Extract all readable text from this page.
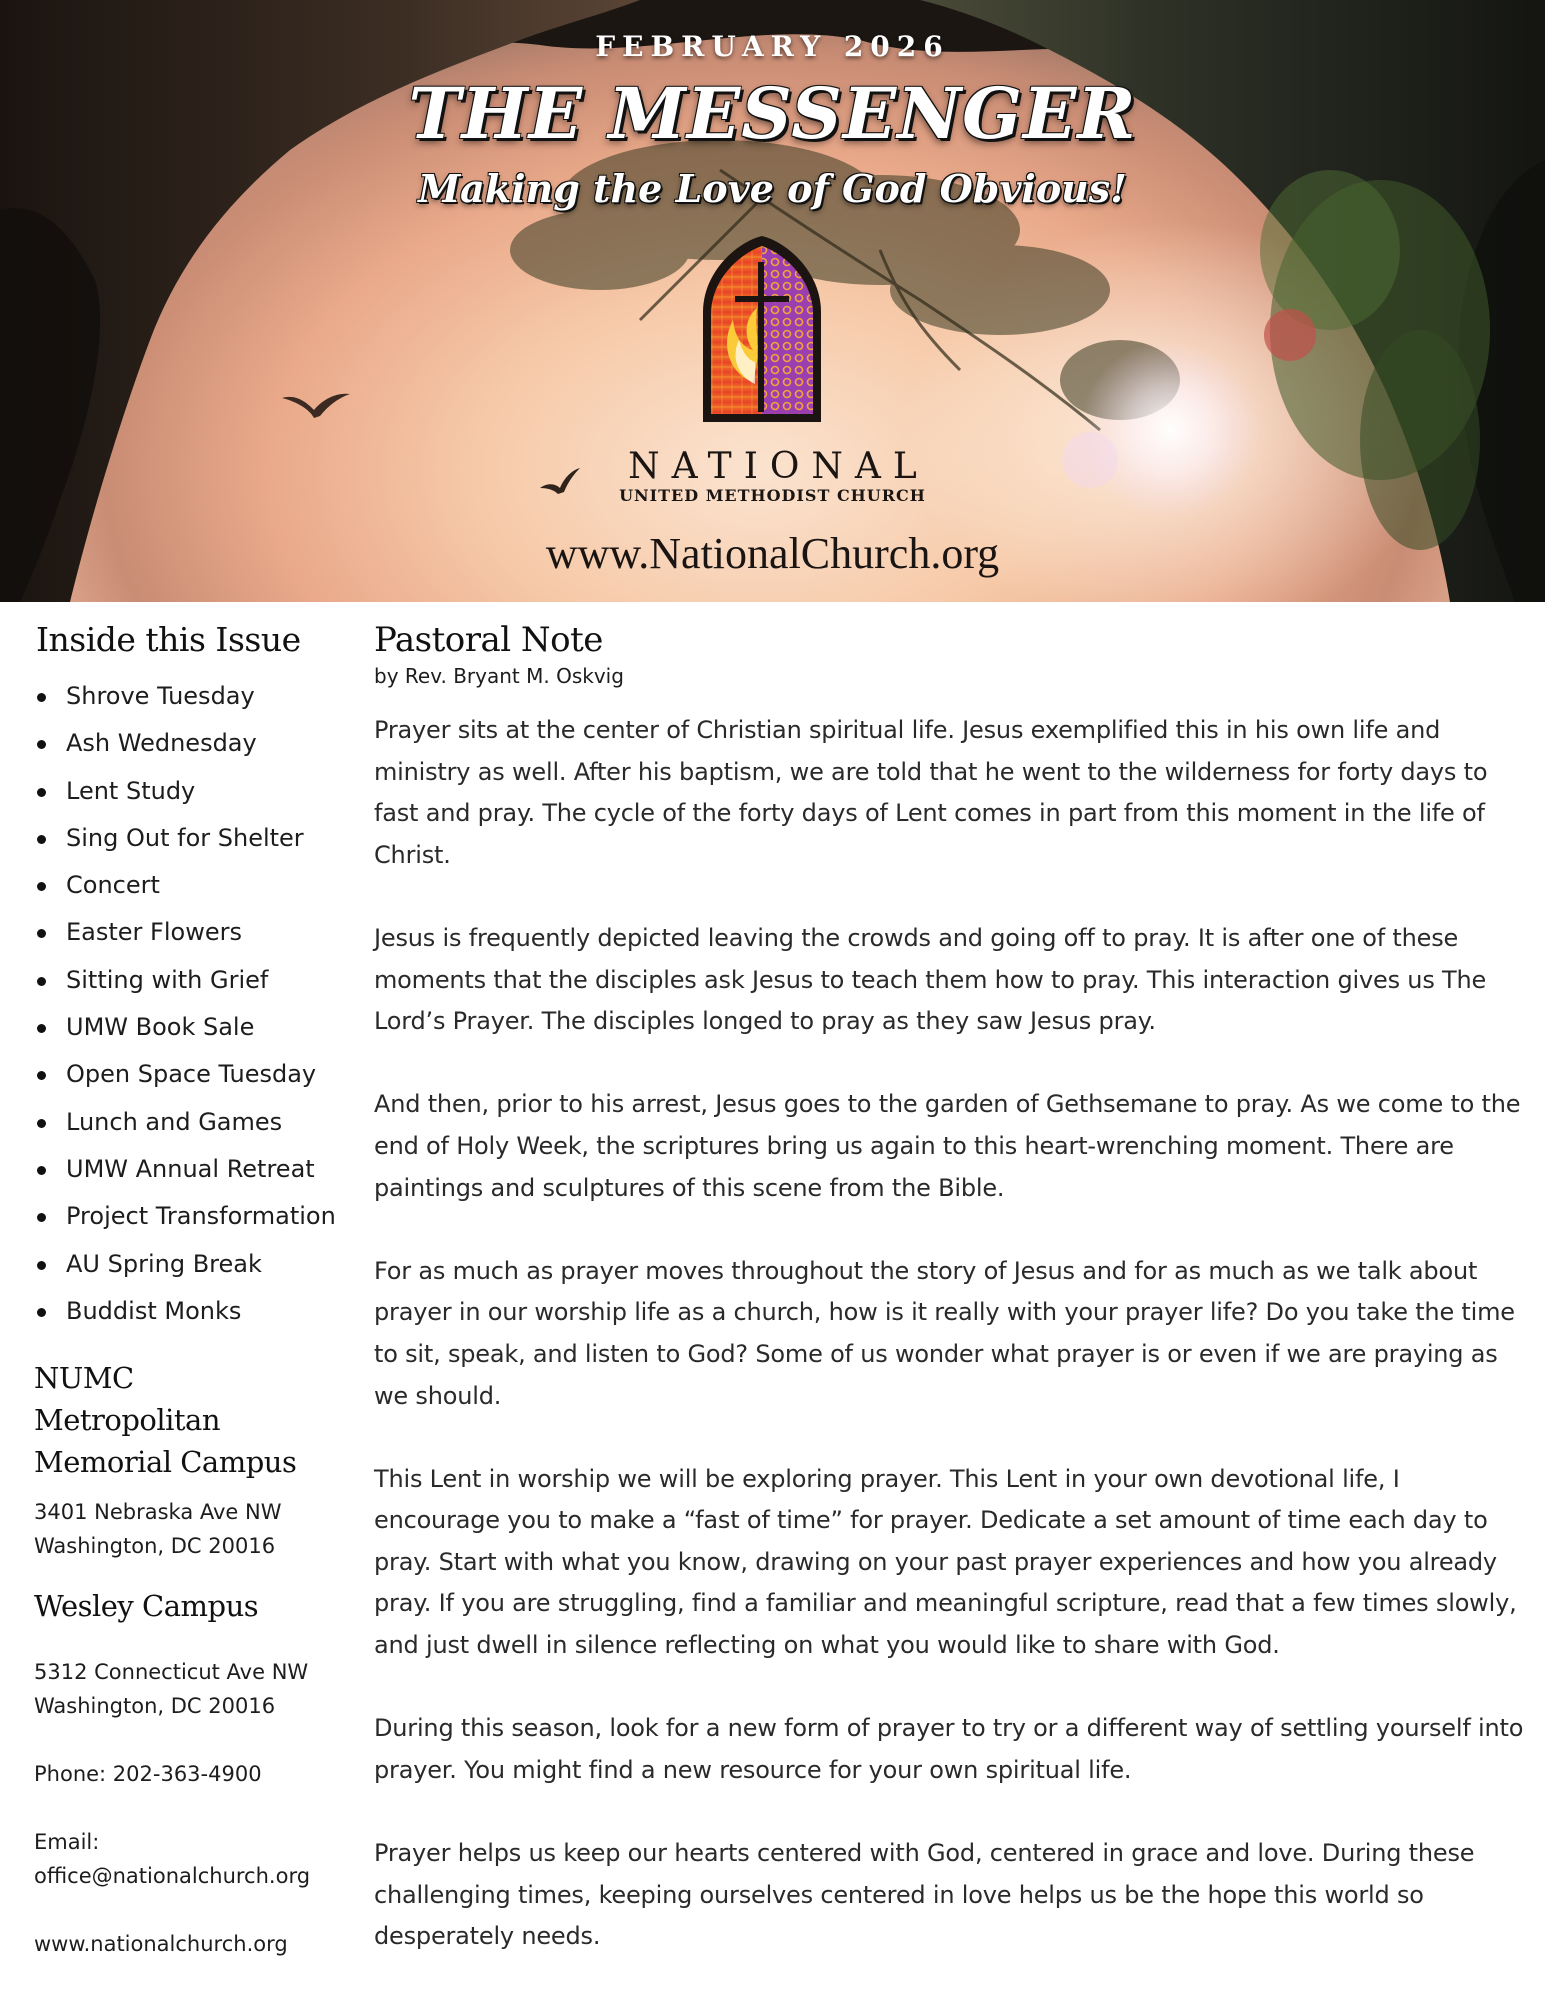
FEBRUARY 2026
THE MESSENGER
Making the Love of God Obvious!
NATIONAL
UNITED METHODIST CHURCH
www.NationalChurch.org
Inside this Issue
Shrove Tuesday
Ash Wednesday
Lent Study
Sing Out for Shelter
Concert
Easter Flowers
Sitting with Grief
UMW Book Sale
Open Space Tuesday
Lunch and Games
UMW Annual Retreat
Project Transformation
AU Spring Break
Buddist Monks
NUMC
Metropolitan
Memorial Campus
3401 Nebraska Ave NW
Washington, DC 20016
Wesley Campus
5312 Connecticut Ave NW
Washington, DC 20016
Phone: 202-363-4900
Email:
office@nationalchurch.org
www.nationalchurch.org
Pastoral Note
by Rev. Bryant M. Oskvig

Prayer sits at the center of Christian spiritual life. Jesus exemplified this in his own life and ministry as well. After his baptism, we are told that he went to the wilderness for forty days to fast and pray. The cycle of the forty days of Lent comes in part from this moment in the life of Christ.

Jesus is frequently depicted leaving the crowds and going off to pray. It is after one of these moments that the disciples ask Jesus to teach them how to pray. This interaction gives us The Lord’s Prayer. The disciples longed to pray as they saw Jesus pray.

And then, prior to his arrest, Jesus goes to the garden of Gethsemane to pray. As we come to the end of Holy Week, the scriptures bring us again to this heart-wrenching moment. There are paintings and sculptures of this scene from the Bible.

For as much as prayer moves throughout the story of Jesus and for as much as we talk about prayer in our worship life as a church, how is it really with your prayer life? Do you take the time to sit, speak, and listen to God? Some of us wonder what prayer is or even if we are praying as we should.

This Lent in worship we will be exploring prayer. This Lent in your own devotional life, I encourage you to make a “fast of time” for prayer. Dedicate a set amount of time each day to pray. Start with what you know, drawing on your past prayer experiences and how you already pray. If you are struggling, find a familiar and meaningful scripture, read that a few times slowly, and just dwell in silence reflecting on what you would like to share with God.

During this season, look for a new form of prayer to try or a different way of settling yourself into prayer. You might find a new resource for your own spiritual life.

Prayer helps us keep our hearts centered with God, centered in grace and love. During these challenging times, keeping ourselves centered in love helps us be the hope this world so desperately needs.
